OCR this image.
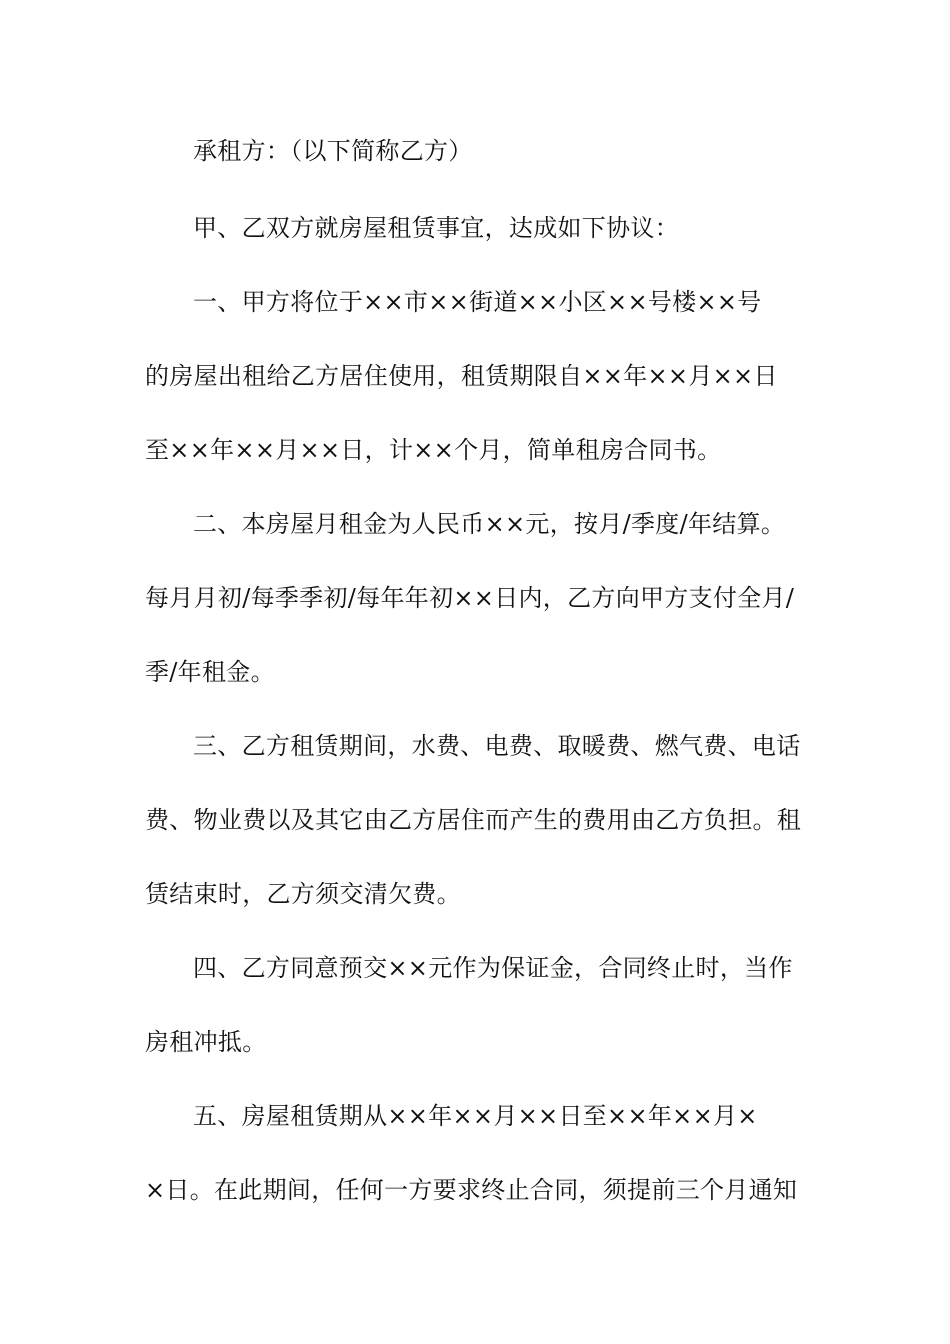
承租方：（以下简称乙方）
甲、乙双方就房屋租赁事宜，达成如下协议：
一、甲方将位于××市××街道××小区××号楼××号
的房屋出租给乙方居住使用，租赁期限自××年××月××日
至××年××月××日，计××个月，简单租房合同书。
二、本房屋月租金为人民币××元，按月/季度/年结算。
每月月初/每季季初/每年年初××日内，乙方向甲方支付全月/
季/年租金。
三、乙方租赁期间，水费、电费、取暖费、燃气费、电话
费、物业费以及其它由乙方居住而产生的费用由乙方负担。租
赁结束时，乙方须交清欠费。
四、乙方同意预交××元作为保证金，合同终止时，当作
房租冲抵。
五、房屋租赁期从××年××月××日至××年××月×
×日。在此期间，任何一方要求终止合同，须提前三个月通知
